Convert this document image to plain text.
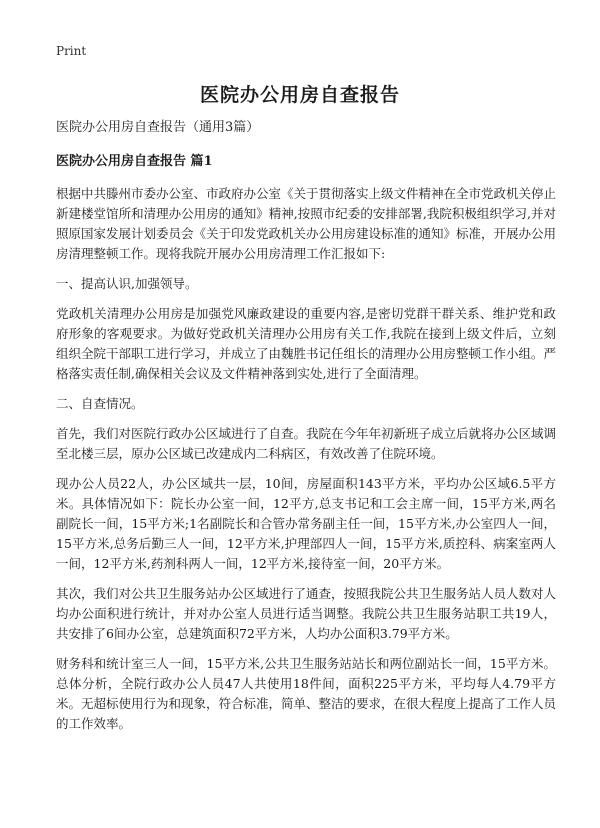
Print
医院办公用房自查报告

医院办公用房自查报告（通用3篇）

医院办公用房自查报告 篇1

根据中共滕州市委办公室、市政府办公室《关于贯彻落实上级文件精神在全市党政机关停止新建楼堂馆所和清理办公用房的通知》精神,按照市纪委的安排部署,我院积极组织学习,并对照原国家发展计划委员会《关于印发党政机关办公用房建设标准的通知》标准，开展办公用房清理整顿工作。现将我院开展办公用房清理工作汇报如下:

一、提高认识,加强领导。

党政机关清理办公用房是加强党风廉政建设的重要内容,是密切党群干群关系、维护党和政府形象的客观要求。为做好党政机关清理办公用房有关工作,我院在接到上级文件后，立刻组织全院干部职工进行学习，并成立了由魏胜书记任组长的清理办公用房整顿工作小组。严格落实责任制,确保相关会议及文件精神落到实处,进行了全面清理。

二、自查情况。

首先，我们对医院行政办公区域进行了自查。我院在今年年初新班子成立后就将办公区域调至北楼三层，原办公区域已改建成内二科病区，有效改善了住院环境。

现办公人员22人，办公区域共一层，10间，房屋面积143平方米，平均办公区域6.5平方米。具体情况如下：院长办公室一间，12平方,总支书记和工会主席一间，15平方米,两名副院长一间，15平方米;1名副院长和合管办常务副主任一间，15平方米,办公室四人一间，15平方米,总务后勤三人一间，12平方米,护理部四人一间，15平方米,质控科、病案室两人一间，12平方米,药剂科两人一间，12平方米,接待室一间，20平方米。

其次，我们对公共卫生服务站办公区域进行了通查，按照我院公共卫生服务站人员人数对人均办公面积进行统计，并对办公室人员进行适当调整。我院公共卫生服务站职工共19人，共安排了6间办公室，总建筑面积72平方米，人均办公面积3.79平方米。

财务科和统计室三人一间，15平方米,公共卫生服务站站长和两位副站长一间，15平方米。总体分析，全院行政办公人员47人共使用18件间，面积225平方米，平均每人4.79平方米。无超标使用行为和现象，符合标准，简单、整洁的要求，在很大程度上提高了工作人员的工作效率。
